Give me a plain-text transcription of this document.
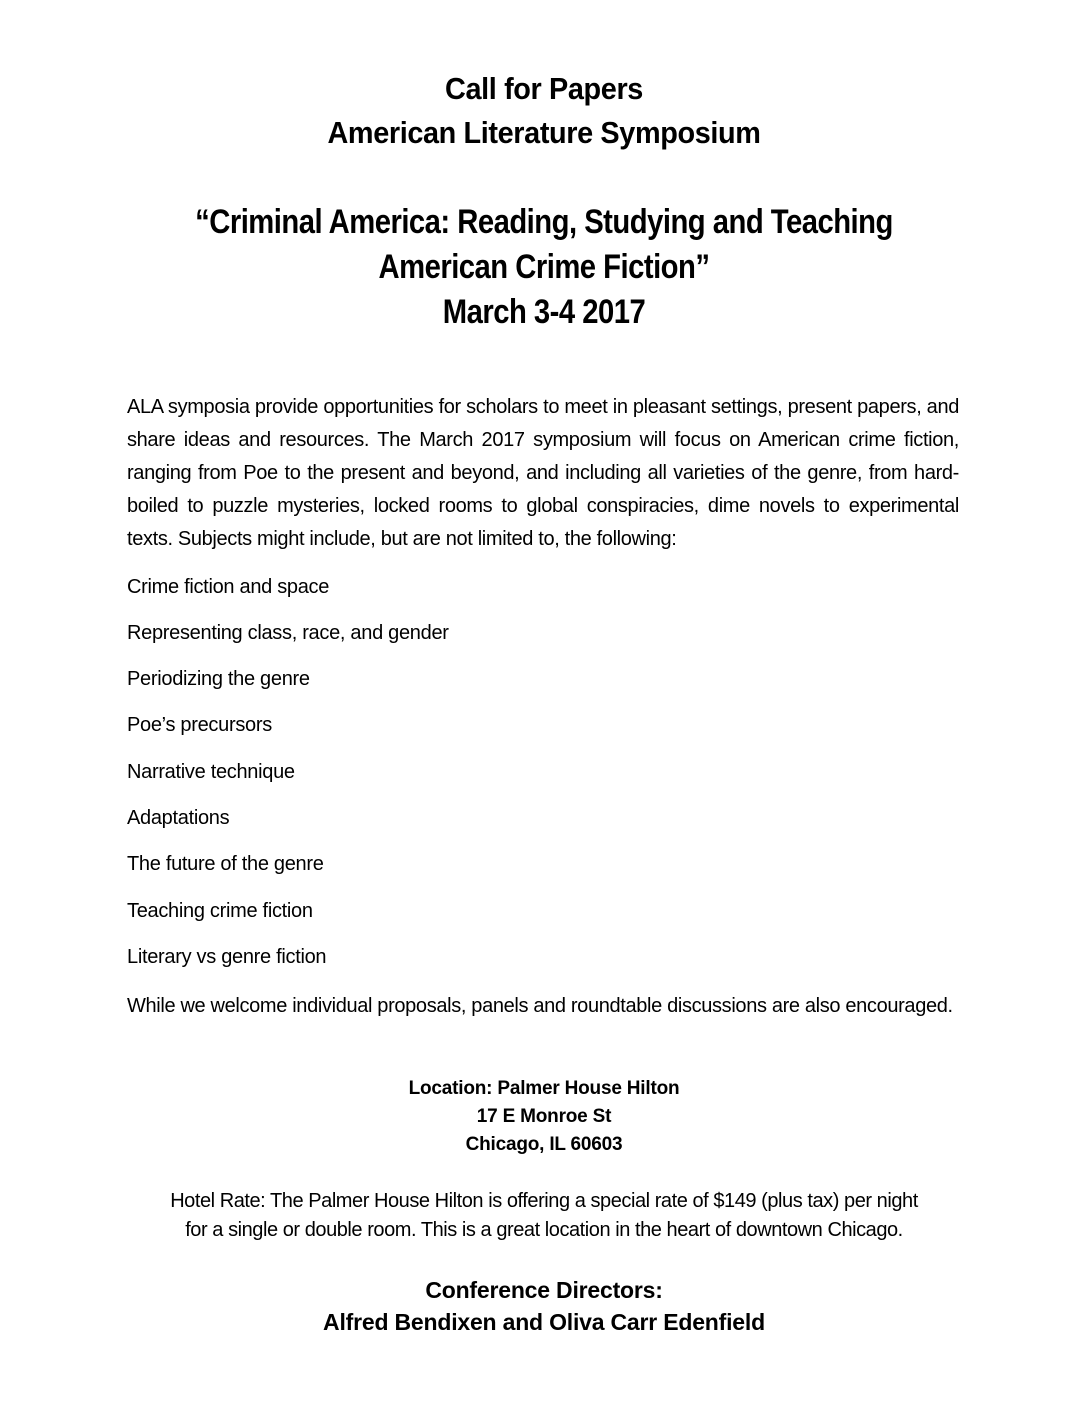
Call for Papers
American Literature Symposium
“Criminal America: Reading, Studying and Teaching
American Crime Fiction”
March 3-4 2017
ALA symposia provide opportunities for scholars to meet in pleasant settings, present papers, and share ideas and resources. The March 2017 symposium will focus on American crime fiction, ranging from Poe to the present and beyond, and including all varieties of the genre, from hard-boiled to puzzle mysteries, locked rooms to global conspiracies, dime novels to experimental texts. Subjects might include, but are not limited to, the following:
Crime fiction and space
Representing class, race, and gender
Periodizing the genre
Poe’s precursors
Narrative technique
Adaptations
The future of the genre
Teaching crime fiction
Literary vs genre fiction
While we welcome individual proposals, panels and roundtable discussions are also encouraged.
Location: Palmer House Hilton
17 E Monroe St
Chicago, IL 60603
Hotel Rate: The Palmer House Hilton is offering a special rate of $149 (plus tax) per night
for a single or double room. This is a great location in the heart of downtown Chicago.
Conference Directors:
Alfred Bendixen and Oliva Carr Edenfield
